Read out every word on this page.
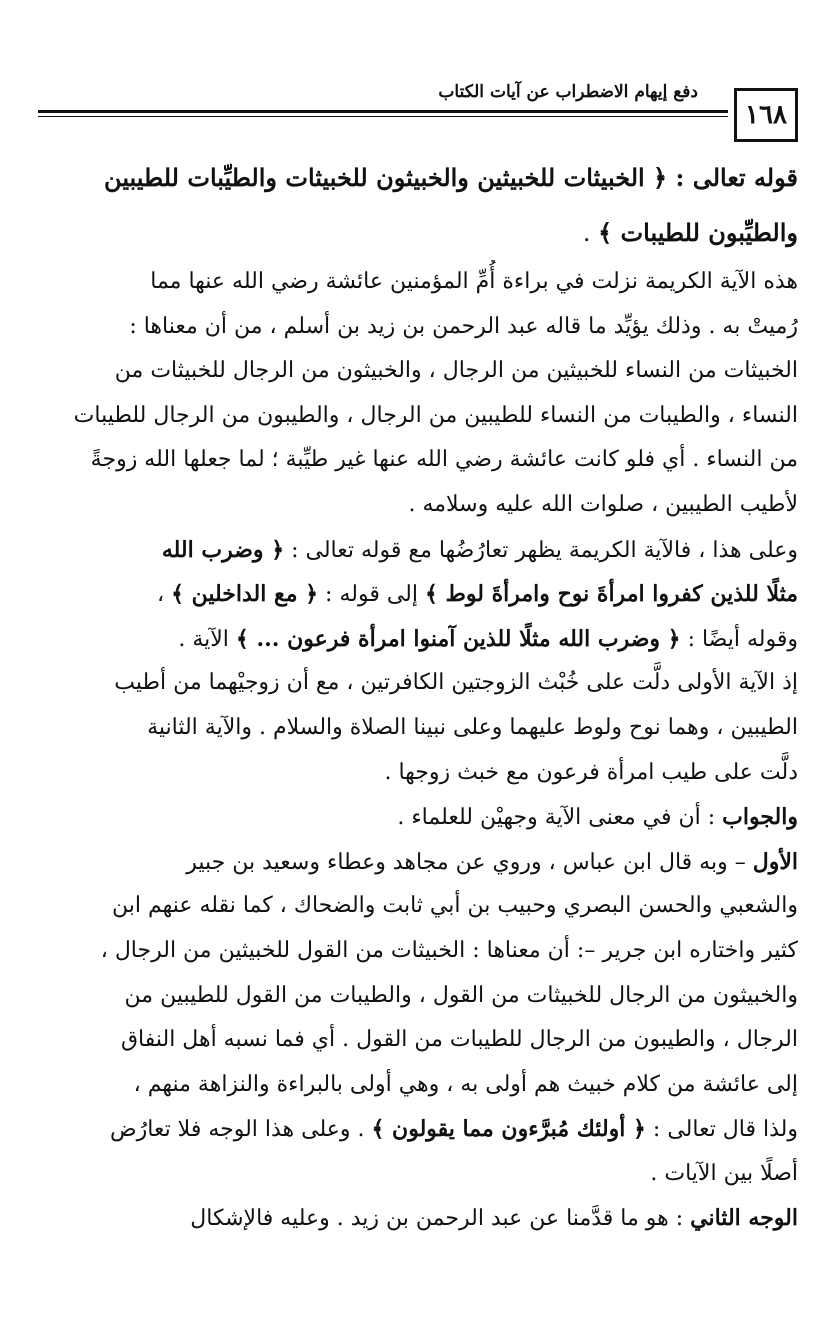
١٦٨
دفع إيهام الاضطراب عن آيات الكتاب
قوله تعالى : ﴿ الخبيثات للخبيثين والخبيثون للخبيثات والطيِّبات للطيبين
والطيِّبون للطيبات ﴾ .
هذه الآية الكريمة نزلت في براءة أُمِّ المؤمنين عائشة رضي الله عنها مما
رُميتْ به . وذلك يؤيِّد ما قاله عبد الرحمن بن زيد بن أسلم ، من أن معناها :
الخبيثات من النساء للخبيثين من الرجال ، والخبيثون من الرجال للخبيثات من
النساء ، والطيبات من النساء للطيبين من الرجال ، والطيبون من الرجال للطيبات
من النساء . أي فلو كانت عائشة رضي الله عنها غير طيِّبة ؛ لما جعلها الله زوجةً
لأطيب الطيبين ، صلوات الله عليه وسلامه .
وعلى هذا ، فالآية الكريمة يظهر تعارُضُها مع قوله تعالى : ﴿ وضرب الله
مثلًا للذين كفروا امرأةَ نوح وامرأةَ لوط ﴾ إلى قوله : ﴿ مع الداخلين ﴾ ،
وقوله أيضًا : ﴿ وضرب الله مثلًا للذين آمنوا امرأة فرعون ... ﴾ الآية .
إذ الآية الأولى دلَّت على خُبْث الزوجتين الكافرتين ، مع أن زوجيْهما من أطيب
الطيبين ، وهما نوح ولوط عليهما وعلى نبينا الصلاة والسلام . والآية الثانية
دلَّت على طيب امرأة فرعون مع خبث زوجها .
والجواب : أن في معنى الآية وجهيْن للعلماء .
الأول – وبه قال ابن عباس ، وروي عن مجاهد وعطاء وسعيد بن جبير
والشعبي والحسن البصري وحبيب بن أبي ثابت والضحاك ، كما نقله عنهم ابن
كثير واختاره ابن جرير –: أن معناها : الخبيثات من القول للخبيثين من الرجال ،
والخبيثون من الرجال للخبيثات من القول ، والطيبات من القول للطيبين من
الرجال ، والطيبون من الرجال للطيبات من القول . أي فما نسبه أهل النفاق
إلى عائشة من كلام خبيث هم أولى به ، وهي أولى بالبراءة والنزاهة منهم ،
ولذا قال تعالى : ﴿ أولئك مُبرَّءون مما يقولون ﴾ . وعلى هذا الوجه فلا تعارُض
أصلًا بين الآيات .
الوجه الثاني : هو ما قدَّمنا عن عبد الرحمن بن زيد . وعليه فالإشكال
